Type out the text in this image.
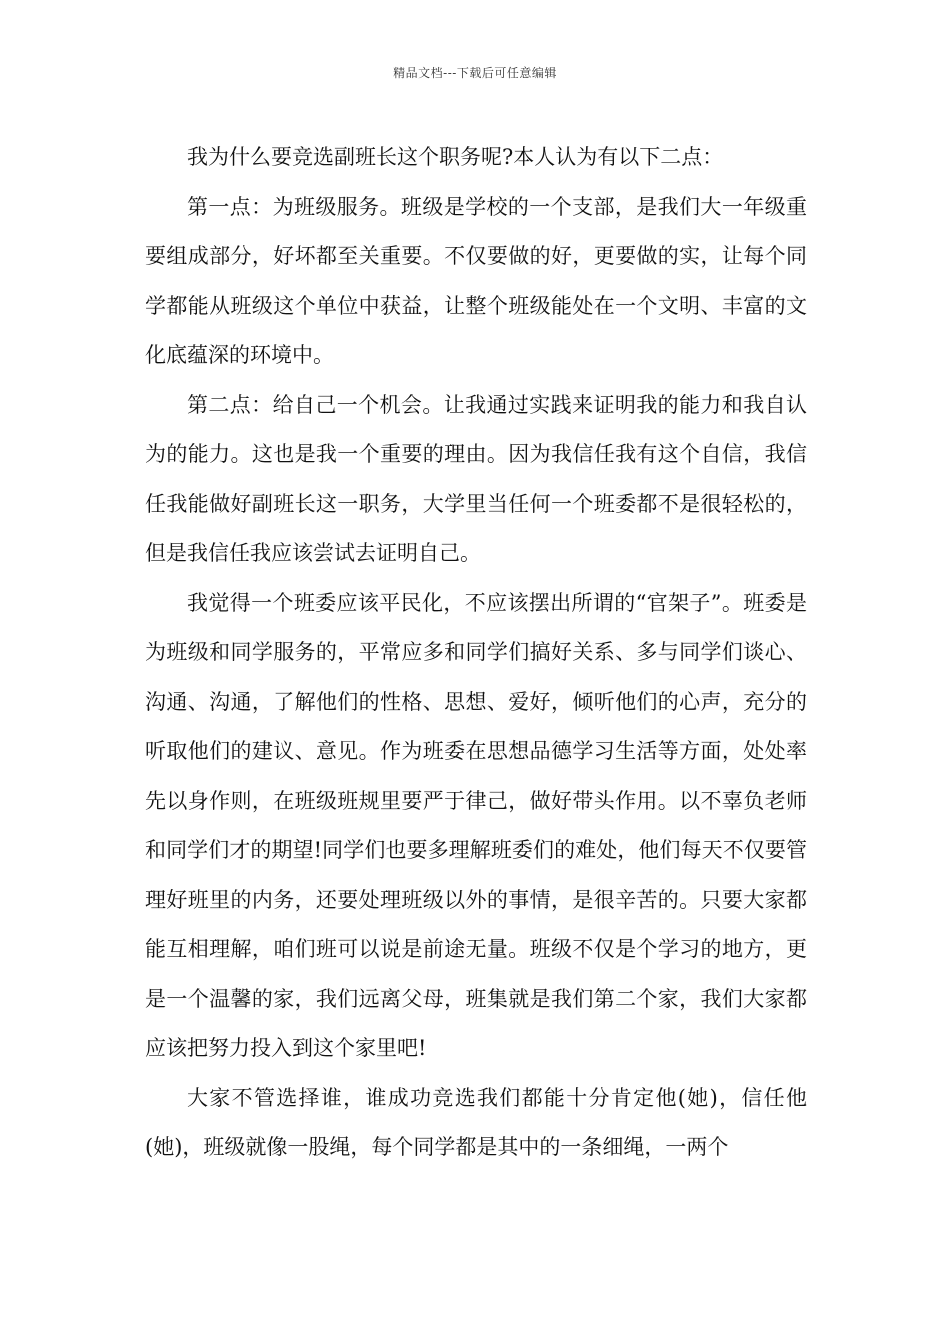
精品文档---下载后可任意编辑

我为什么要竞选副班长这个职务呢?本人认为有以下二点：

第一点：为班级服务。班级是学校的一个支部，是我们大一年级重要组成部分，好坏都至关重要。不仅要做的好，更要做的实，让每个同学都能从班级这个单位中获益，让整个班级能处在一个文明、丰富的文化底蕴深的环境中。

第二点：给自己一个机会。让我通过实践来证明我的能力和我自认为的能力。这也是我一个重要的理由。因为我信任我有这个自信，我信任我能做好副班长这一职务，大学里当任何一个班委都不是很轻松的，但是我信任我应该尝试去证明自己。

我觉得一个班委应该平民化，不应该摆出所谓的“官架子”。班委是为班级和同学服务的，平常应多和同学们搞好关系、多与同学们谈心、沟通、沟通，了解他们的性格、思想、爱好，倾听他们的心声，充分的听取他们的建议、意见。作为班委在思想品德学习生活等方面，处处率先以身作则，在班级班规里要严于律己，做好带头作用。以不辜负老师和同学们才的期望!同学们也要多理解班委们的难处，他们每天不仅要管理好班里的内务，还要处理班级以外的事情，是很辛苦的。只要大家都能互相理解，咱们班可以说是前途无量。班级不仅是个学习的地方，更是一个温馨的家，我们远离父母，班集就是我们第二个家，我们大家都应该把努力投入到这个家里吧!

大家不管选择谁，谁成功竞选我们都能十分肯定他(她)，信任他(她)，班级就像一股绳，每个同学都是其中的一条细绳，一两个
